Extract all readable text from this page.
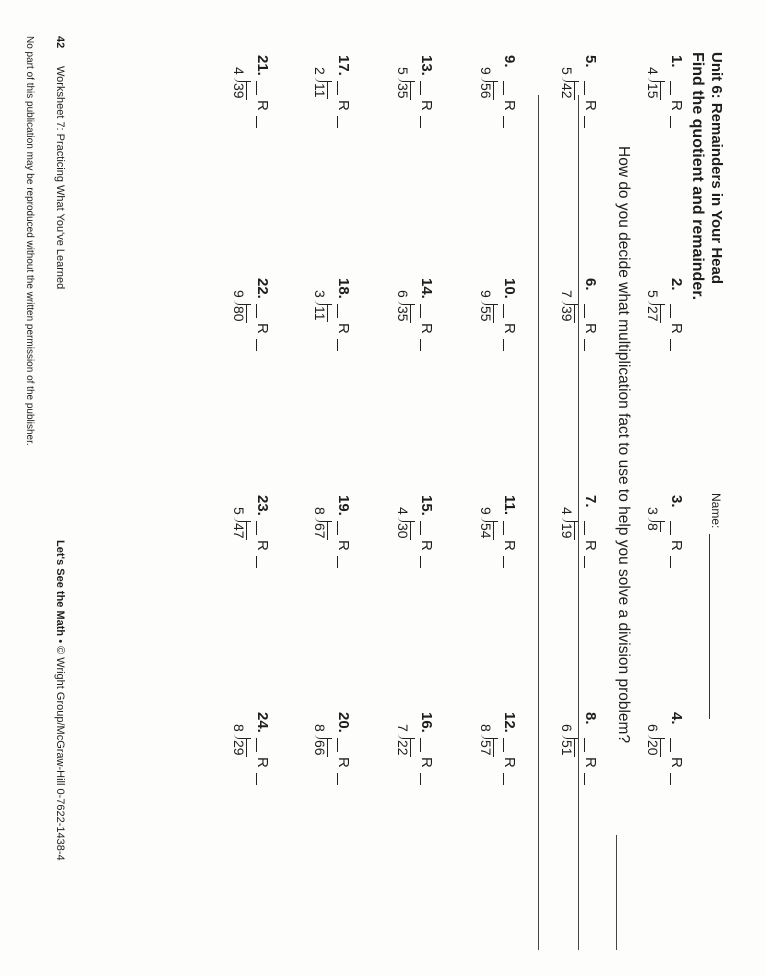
Unit 6: Remainders in Your Head
Find the quotient and remainder.
Name:
1.
R
4
15
2.
R
5
27
3.
R
3
8
4.
R
6
20
5.
R
5
42
6.
R
7
39
7.
R
4
19
8.
R
6
51
9.
R
9
56
10.
R
9
55
11.
R
9
54
12.
R
8
57
13.
R
5
35
14.
R
6
35
15.
R
4
30
16.
R
7
22
17.
R
2
11
18.
R
3
11
19.
R
8
67
20.
R
8
66
21.
R
4
39
22.
R
9
80
23.
R
5
47
24.
R
8
29
How do you decide what multiplication fact to use to help you solve a division problem?
42
Worksheet 7: Practicing What You've Learned
Let's See the Math • © Wright Group/McGraw-Hill 0-7622-1438-4
No part of this publication may be reproduced without the written permission of the publisher.
